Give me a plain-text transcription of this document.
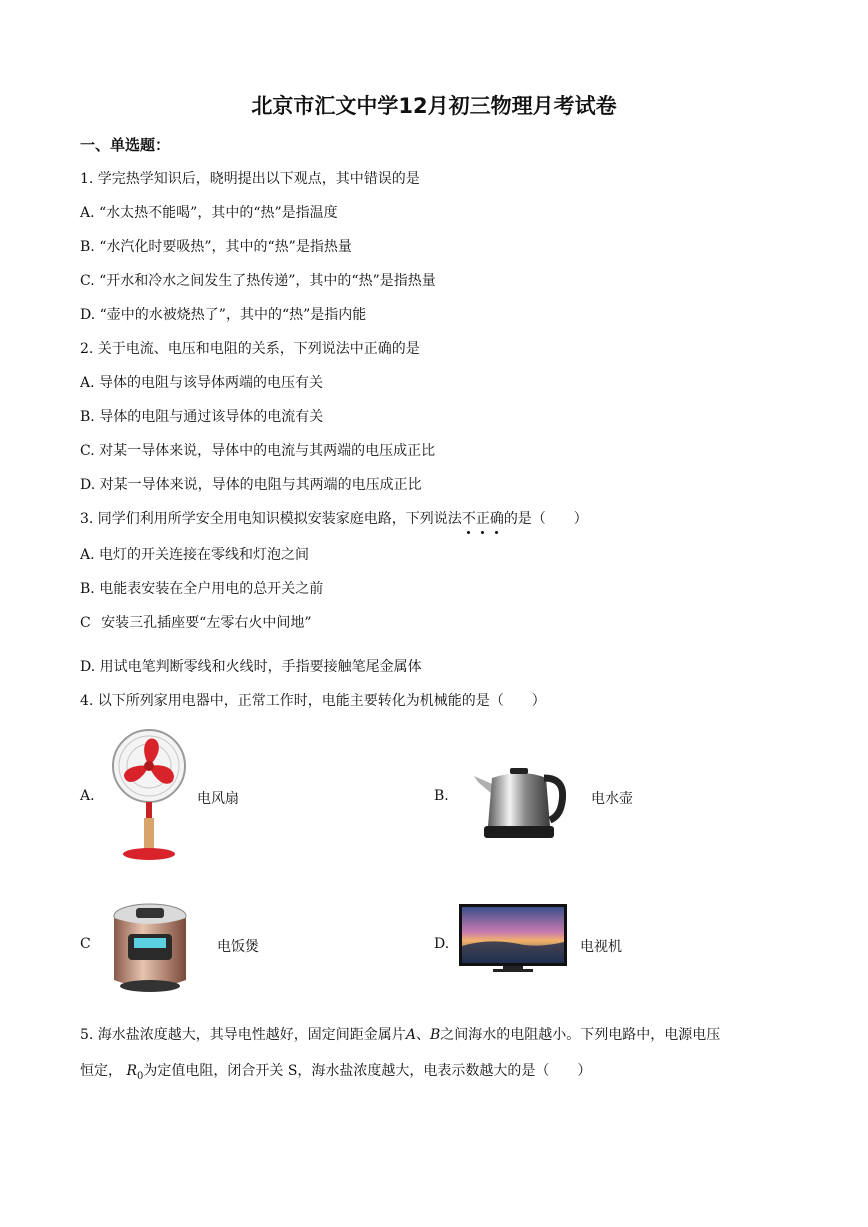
北京市汇文中学12月初三物理月考试卷
一、单选题：
1. 学完热学知识后，晓明提出以下观点，其中错误的是
A. “水太热不能喝”，其中的“热”是指温度
B. “水汽化时要吸热”，其中的“热”是指热量
C. “开水和冷水之间发生了热传递”，其中的“热”是指热量
D. “壶中的水被烧热了”，其中的“热”是指内能
2. 关于电流、电压和电阻的关系，下列说法中正确的是
A. 导体的电阻与该导体两端的电压有关
B. 导体的电阻与通过该导体的电流有关
C. 对某一导体来说，导体中的电流与其两端的电压成正比
D. 对某一导体来说，导体的电阻与其两端的电压成正比
3. 同学们利用所学安全用电知识模拟安装家庭电路，下列说法不正确的是（　　）
A. 电灯的开关连接在零线和灯泡之间
B. 电能表安装在全户用电的总开关之前
C 安装三孔插座要“左零右火中间地”
D. 用试电笔判断零线和火线时，手指要接触笔尾金属体
4. 以下所列家用电器中，正常工作时，电能主要转化为机械能的是（　　）
A.	电风扇	B.	电水壶
C	电饭煲	D.	电视机
5. 海水盐浓度越大，其导电性越好，固定间距金属片A、B之间海水的电阻越小。下列电路中，电源电压
恒定， $R_0$为定值电阻，闭合开关 S，海水盐浓度越大，电表示数越大的是（　　）
